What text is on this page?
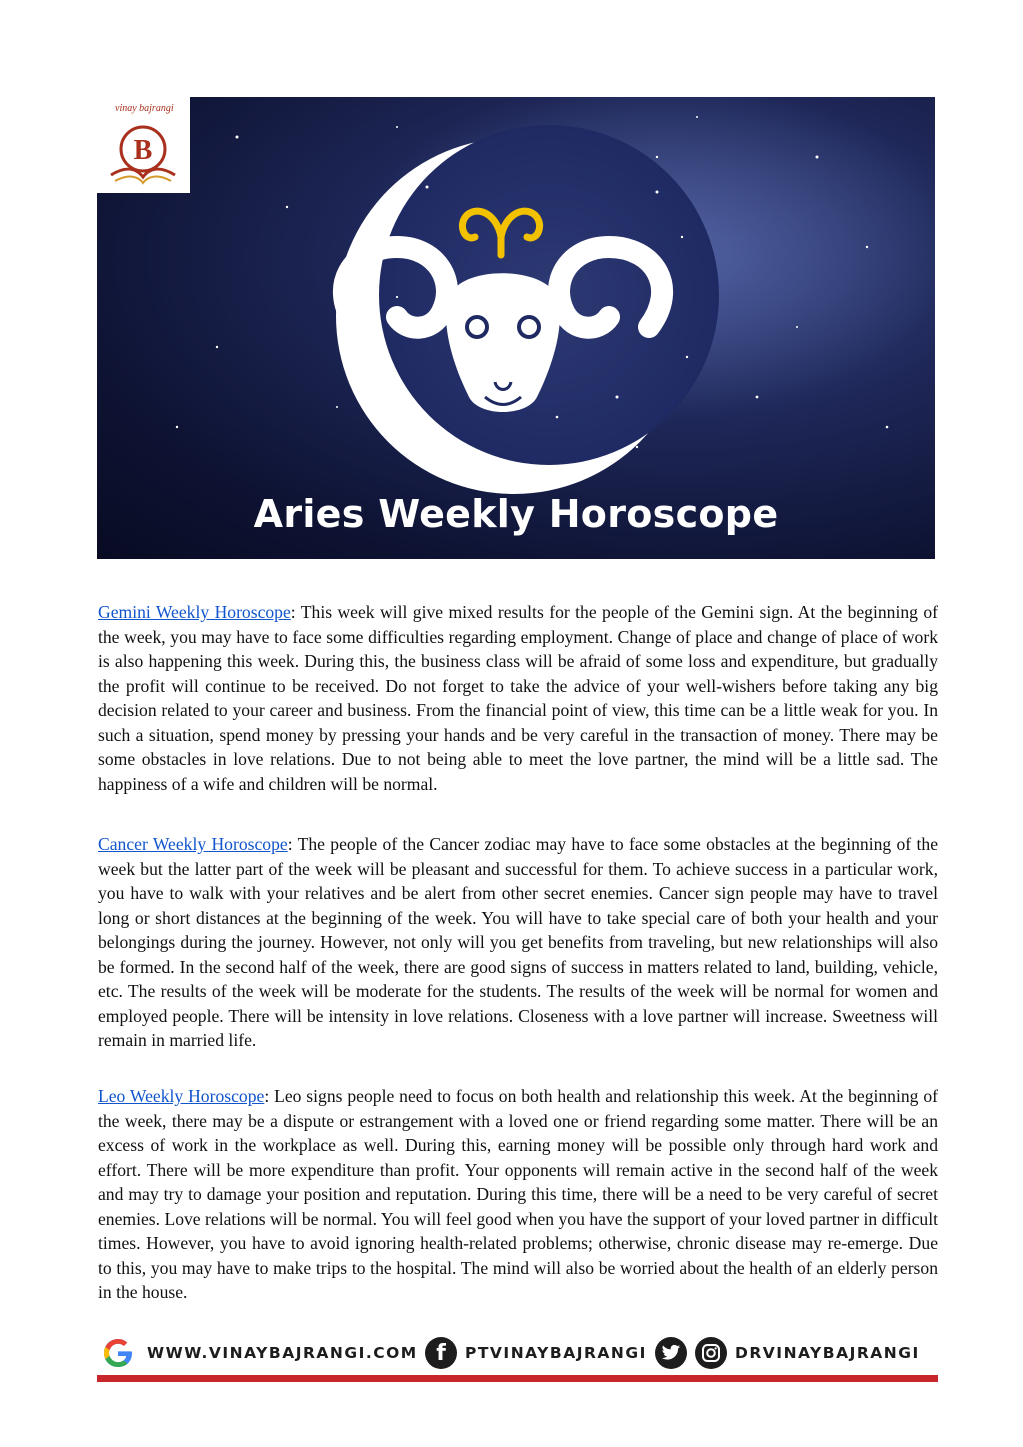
Aries Weekly Horoscope
vinay bajrangi
B

Gemini Weekly Horoscope: This week will give mixed results for the people of the Gemini sign. At the beginning of the week, you may have to face some difficulties regarding employment. Change of place and change of place of work is also happening this week. During this, the business class will be afraid of some loss and expenditure, but gradually the profit will continue to be received. Do not forget to take the advice of your well-wishers before taking any big decision related to your career and business. From the financial point of view, this time can be a little weak for you. In such a situation, spend money by pressing your hands and be very careful in the transaction of money. There may be some obstacles in love relations. Due to not being able to meet the love partner, the mind will be a little sad. The happiness of a wife and children will be normal.

Cancer Weekly Horoscope: The people of the Cancer zodiac may have to face some obstacles at the beginning of the week but the latter part of the week will be pleasant and successful for them. To achieve success in a particular work, you have to walk with your relatives and be alert from other secret enemies. Cancer sign people may have to travel long or short distances at the beginning of the week. You will have to take special care of both your health and your belongings during the journey. However, not only will you get benefits from traveling, but new relationships will also be formed. In the second half of the week, there are good signs of success in matters related to land, building, vehicle, etc. The results of the week will be moderate for the students. The results of the week will be normal for women and employed people. There will be intensity in love relations. Closeness with a love partner will increase. Sweetness will remain in married life.

Leo Weekly Horoscope: Leo signs people need to focus on both health and relationship this week. At the beginning of the week, there may be a dispute or estrangement with a loved one or friend regarding some matter. There will be an excess of work in the workplace as well. During this, earning money will be possible only through hard work and effort. There will be more expenditure than profit. Your opponents will remain active in the second half of the week and may try to damage your position and reputation. During this time, there will be a need to be very careful of secret enemies. Love relations will be normal. You will feel good when you have the support of your loved partner in difficult times. However, you have to avoid ignoring health-related problems; otherwise, chronic disease may re-emerge. Due to this, you may have to make trips to the hospital. The mind will also be worried about the health of an elderly person in the house.

WWW.VINAYBAJRANGI.COM f	PTVINAYBAJRANGI	DRVINAYBAJRANGI
